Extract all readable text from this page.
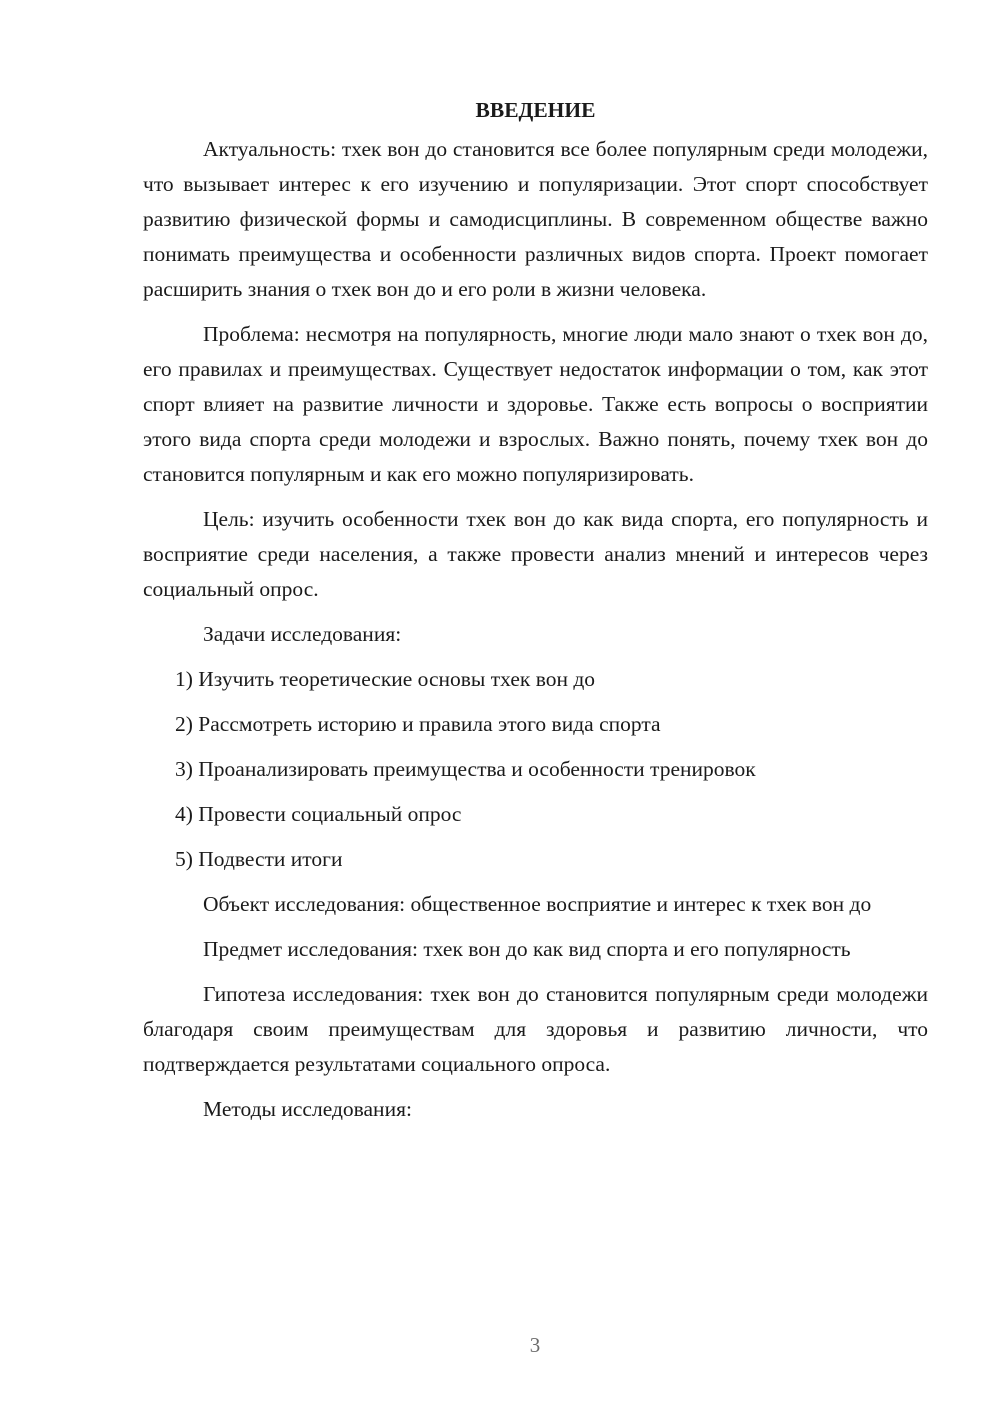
ВВЕДЕНИЕ

Актуальность: тхек вон до становится все более популярным среди молодежи, что вызывает интерес к его изучению и популяризации. Этот спорт способствует развитию физической формы и самодисциплины. В современном обществе важно понимать преимущества и особенности различных видов спорта. Проект помогает расширить знания о тхек вон до и его роли в жизни человека.

Проблема: несмотря на популярность, многие люди мало знают о тхек вон до, его правилах и преимуществах. Существует недостаток информации о том, как этот спорт влияет на развитие личности и здоровье. Также есть вопросы о восприятии этого вида спорта среди молодежи и взрослых. Важно понять, почему тхек вон до становится популярным и как его можно популяризировать.

Цель: изучить особенности тхек вон до как вида спорта, его популярность и восприятие среди населения, а также провести анализ мнений и интересов через социальный опрос.

Задачи исследования:

1) Изучить теоретические основы тхек вон до
2) Рассмотреть историю и правила этого вида спорта
3) Проанализировать преимущества и особенности тренировок
4) Провести социальный опрос
5) Подвести итоги

Объект исследования: общественное восприятие и интерес к тхек вон до

Предмет исследования: тхек вон до как вид спорта и его популярность

Гипотеза исследования: тхек вон до становится популярным среди молодежи благодаря своим преимуществам для здоровья и развитию личности, что подтверждается результатами социального опроса.

Методы исследования:

3
